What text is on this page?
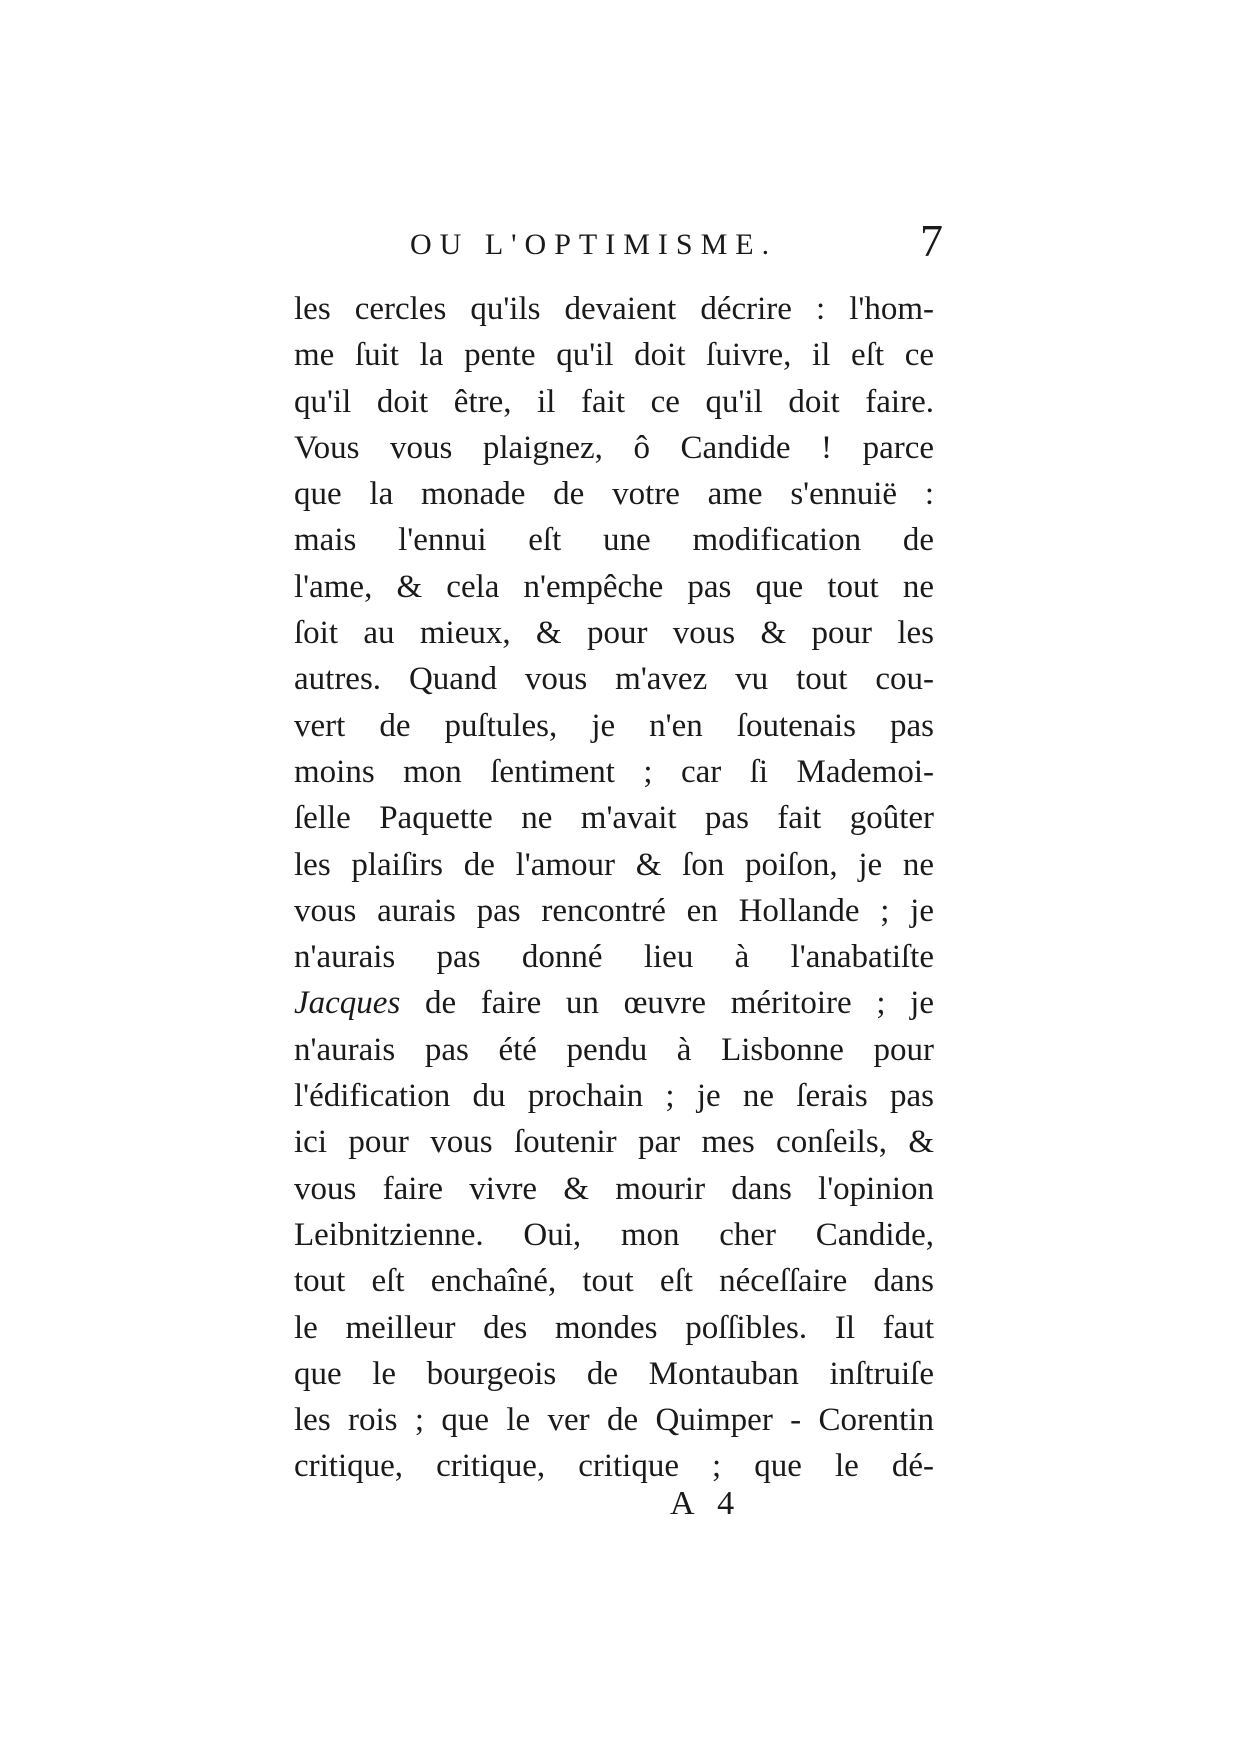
OU L'OPTIMISME.	7
les cercles qu'ils devaient décrire : l'hom-
me ſuit la pente qu'il doit ſuivre, il eſt ce
qu'il doit être, il fait ce qu'il doit faire.
Vous vous plaignez, ô Candide ! parce
que la monade de votre ame s'ennuië :
mais l'ennui eſt une modification de
l'ame, & cela n'empêche pas que tout ne
ſoit au mieux, & pour vous & pour les
autres. Quand vous m'avez vu tout cou-
vert de puſtules, je n'en ſoutenais pas
moins mon ſentiment ; car ſi Mademoi-
ſelle Paquette ne m'avait pas fait goûter
les plaiſirs de l'amour & ſon poiſon, je ne
vous aurais pas rencontré en Hollande ; je
n'aurais pas donné lieu à l'anabatiſte
Jacques de faire un œuvre méritoire ; je
n'aurais pas été pendu à Lisbonne pour
l'édification du prochain ; je ne ſerais pas
ici pour vous ſoutenir par mes conſeils, &
vous faire vivre & mourir dans l'opinion
Leibnitzienne. Oui, mon cher Candide,
tout eſt enchaîné, tout eſt néceſſaire dans
le meilleur des mondes poſſibles. Il faut
que le bourgeois de Montauban inſtruiſe
les rois ; que le ver de Quimper - Corentin
critique, critique, critique ; que le dé-
A 4
